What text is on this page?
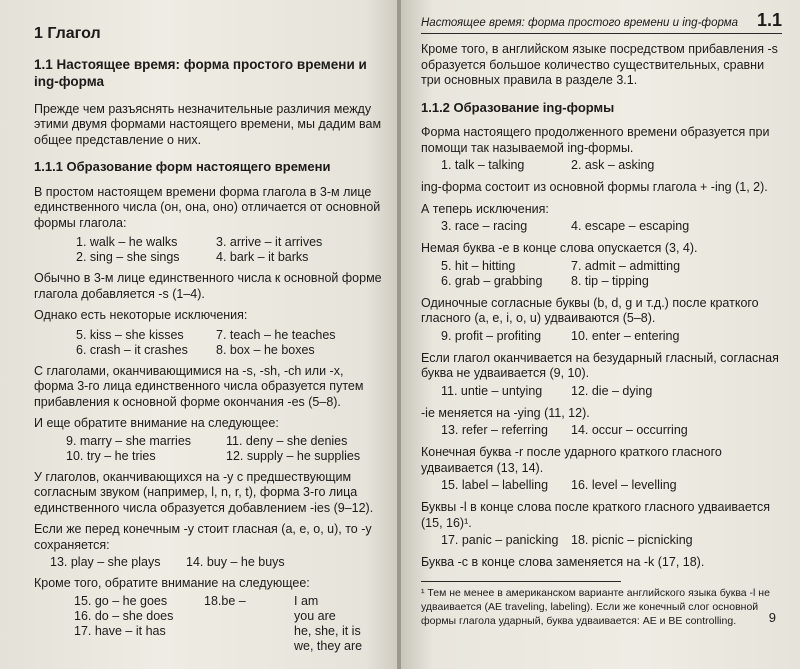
1 Глагол

1.1 Настоящее время: форма простого времени и ing-форма

Прежде чем разъяснять незначительные различия между этими двумя формами настоящего времени, мы дадим вам общее представление о них.

1.1.1 Образование форм настоящего времени

В простом настоящем времени форма глагола в 3-м лице единственного числа (он, она, оно) отличается от основной формы глагола:

1. walk – he walks	3. arrive – it arrives
2. sing – she sings	4. bark – it barks

Обычно в 3-м лице единственного числа к основной форме глагола добавляется -s (1–4).

Однако есть некоторые исключения:

5. kiss – she kisses	7. teach – he teaches
6. crash – it crashes	8. box – he boxes

С глаголами, оканчивающимися на -s, -sh, -ch или -x, форма 3-го лица единственного числа образуется путем прибавления к основной форме окончания -es (5–8).

И еще обратите внимание на следующее:

9. marry – she marries	11. deny – she denies
10. try – he tries	12. supply – he supplies

У глаголов, оканчивающихся на -y с предшествующим согласным звуком (например, l, n, r, t), форма 3-го лица единственного числа образуется добавлением -ies (9–12).

Если же перед конечным -y стоит гласная (a, e, o, u), то -y сохраняется:

13. play – she plays	14. buy – he buys

Кроме того, обратите внимание на следующее:

15. go – he goes
16. do – she does
17. have – it has
18.be –	I am
you are
he, she, it is
we, they are
Настоящее время: форма простого времени и ing-форма 1.1

Кроме того, в английском языке посредством прибавления -s образуется большое количество существительных, сравни три основных правила в разделе 3.1.

1.1.2 Образование ing-формы

Форма настоящего продолженного времени образуется при помощи так называемой ing-формы.

1. talk – talking	2. ask – asking

ing-форма состоит из основной формы глагола + -ing (1, 2).

А теперь исключения:

3. race – racing	4. escape – escaping

Немая буква -e в конце слова опускается (3, 4).

5. hit – hitting	7. admit – admitting
6. grab – grabbing	8. tip – tipping

Одиночные согласные буквы (b, d, g и т.д.) после краткого гласного (a, e, i, o, u) удваиваются (5–8).

9. profit – profiting	10. enter – entering

Если глагол оканчивается на безударный гласный, согласная буква не удваивается (9, 10).

11. untie – untying	12. die – dying

-ie меняется на -ying (11, 12).

13. refer – referring	14. occur – occurring

Конечная буква -r после ударного краткого гласного удваивается (13, 14).

15. label – labelling	16. level – levelling

Буквы -l в конце слова после краткого гласного удваивается (15, 16)¹.

17. panic – panicking	18. picnic – picnicking

Буква -c в конце слова заменяется на -k (17, 18).

¹ Тем не менее в американском варианте английского языка буква -l не удваивается (AE traveling, labeling). Если же конечный слог основной формы глагола ударный, буква удваивается: AE и BE controlling.	9
